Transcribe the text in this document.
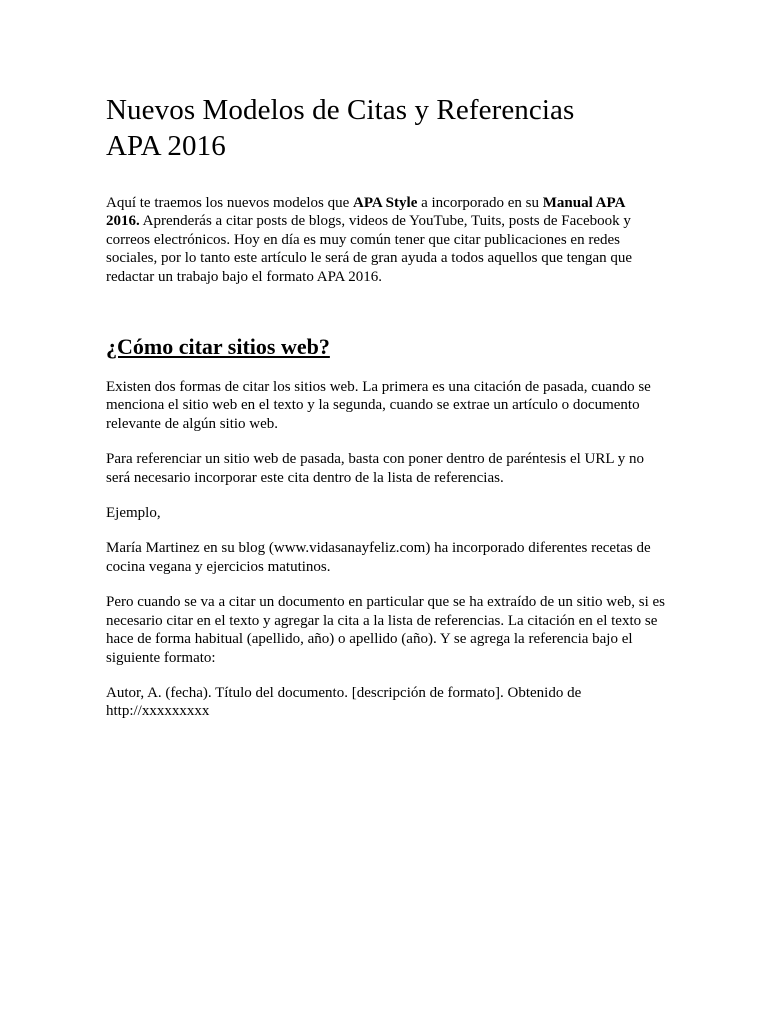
Nuevos Modelos de Citas y Referencias
APA 2016

Aquí te traemos los nuevos modelos que APA Style a incorporado en su Manual APA
2016. Aprenderás a citar posts de blogs, videos de YouTube, Tuits, posts de Facebook y correos electrónicos. Hoy en día es muy común tener que citar publicaciones en redes sociales, por lo tanto este artículo le será de gran ayuda a todos aquellos que tengan que redactar un trabajo bajo el formato APA 2016.

¿Cómo citar sitios web?

Existen dos formas de citar los sitios web. La primera es una citación de pasada, cuando se menciona el sitio web en el texto y la segunda, cuando se extrae un artículo o documento relevante de algún sitio web.

Para referenciar un sitio web de pasada, basta con poner dentro de paréntesis el URL y no será necesario incorporar este cita dentro de la lista de referencias.

Ejemplo,

María Martinez en su blog (www.vidasanayfeliz.com) ha incorporado diferentes recetas de cocina vegana y ejercicios matutinos.

Pero cuando se va a citar un documento en particular que se ha extraído de un sitio web, si es necesario citar en el texto y agregar la cita a la lista de referencias. La citación en el texto se hace de forma habitual (apellido, año) o apellido (año). Y se agrega la referencia bajo el siguiente formato:

Autor, A. (fecha). Título del documento. [descripción de formato]. Obtenido de
http://xxxxxxxxx
